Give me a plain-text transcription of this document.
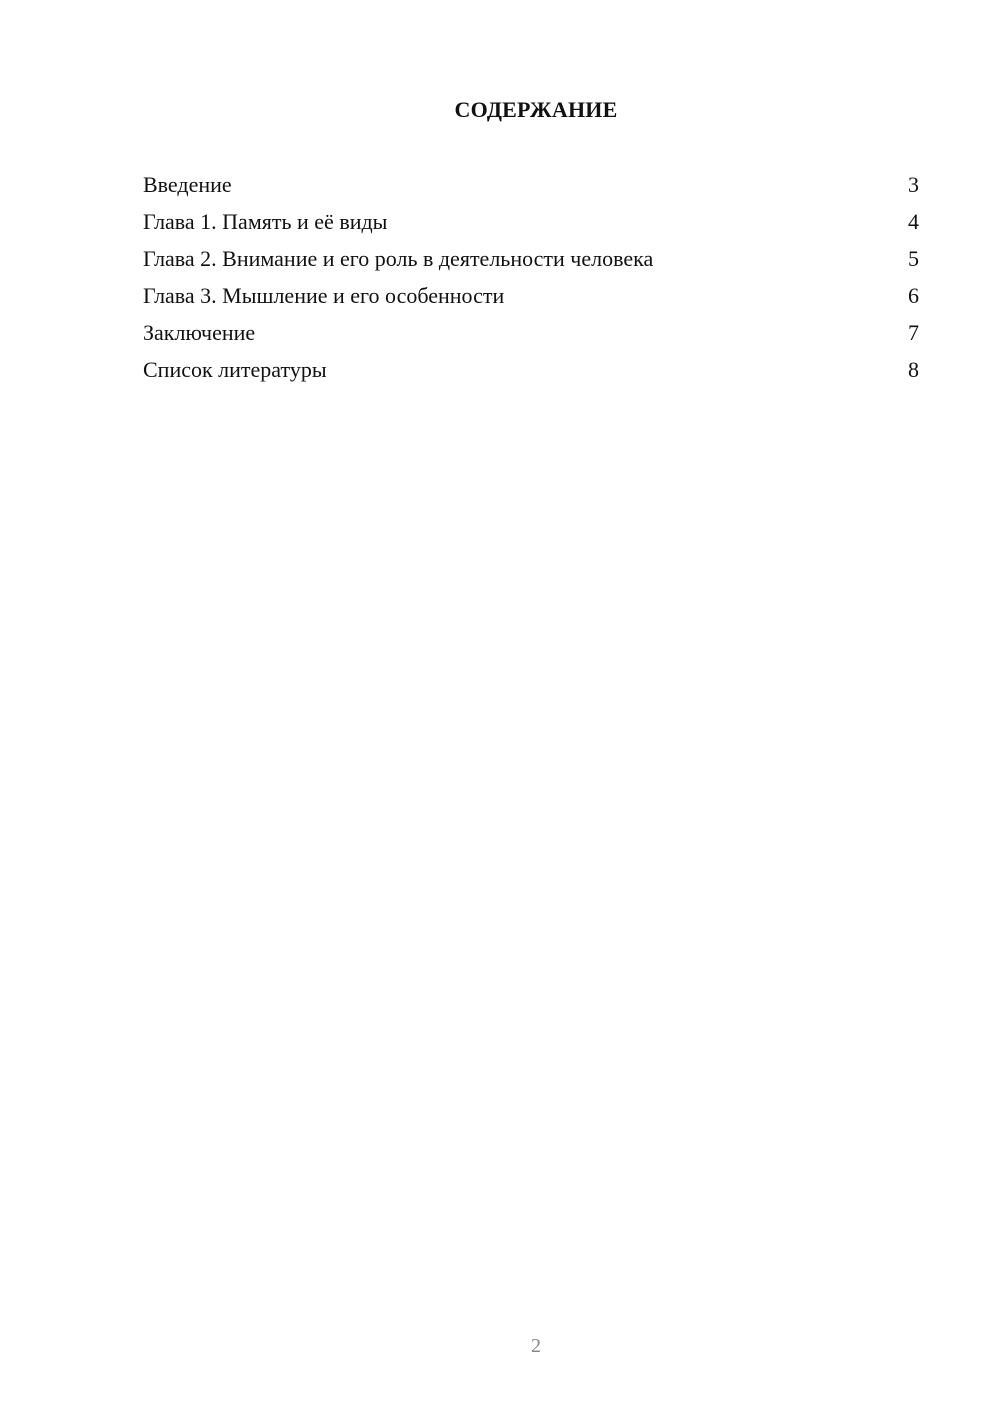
СОДЕРЖАНИЕ
Введение	3
Глава 1. Память и её виды	4
Глава 2. Внимание и его роль в деятельности человека	5
Глава 3. Мышление и его особенности	6
Заключение	7
Список литературы	8
2
